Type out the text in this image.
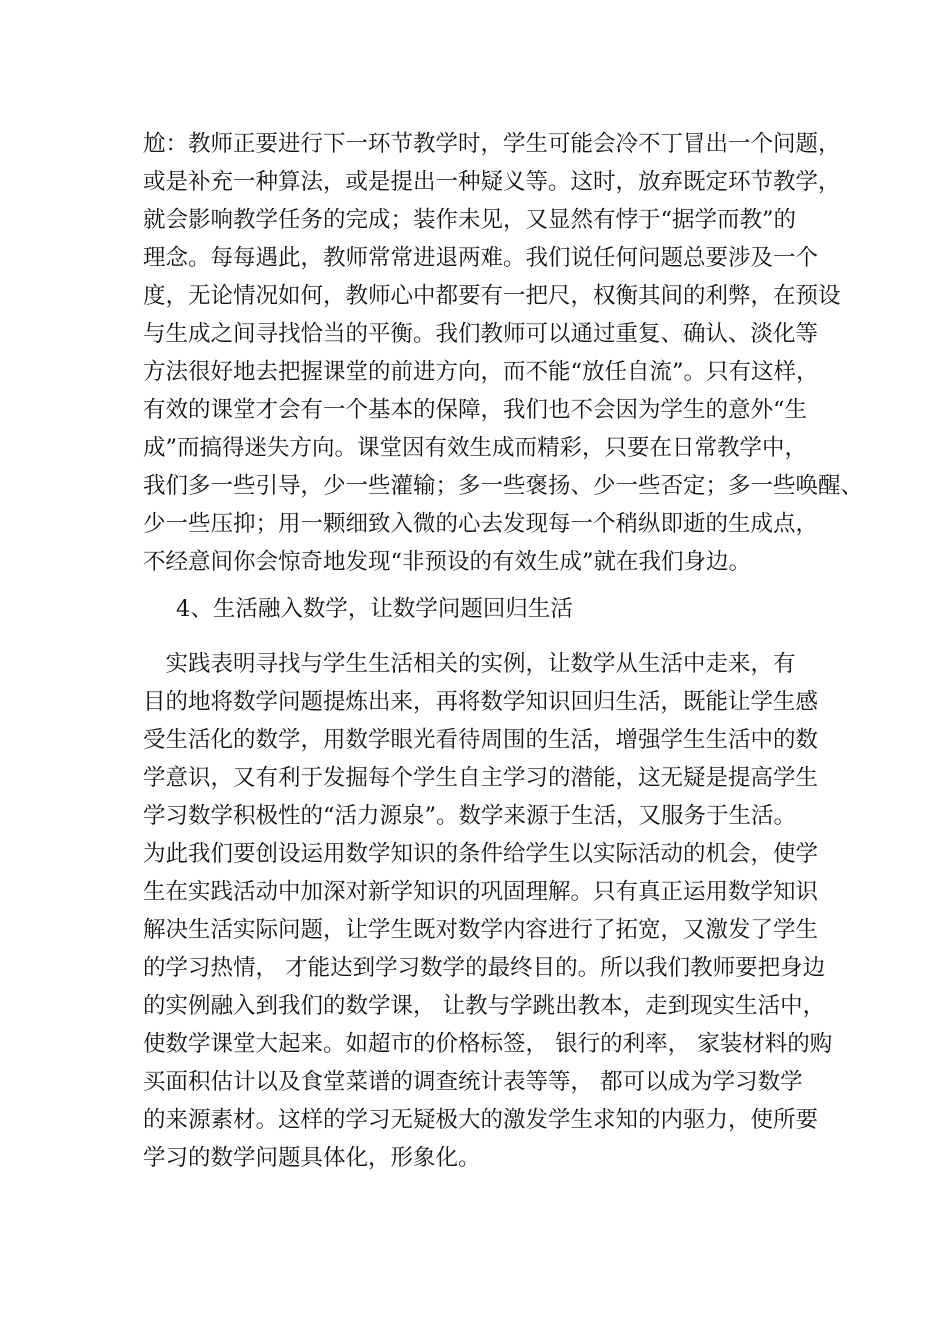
尬：教师正要进行下一环节教学时，学生可能会冷不丁冒出一个问题，
或是补充一种算法，或是提出一种疑义等。这时，放弃既定环节教学，
就会影响教学任务的完成；装作未见，又显然有悖于“据学而教”的
理念。每每遇此，教师常常进退两难。我们说任何问题总要涉及一个
度，无论情况如何，教师心中都要有一把尺，权衡其间的利弊，在预设
与生成之间寻找恰当的平衡。我们教师可以通过重复、确认、淡化等
方法很好地去把握课堂的前进方向，而不能“放任自流”。只有这样，
有效的课堂才会有一个基本的保障，我们也不会因为学生的意外“生
成”而搞得迷失方向。课堂因有效生成而精彩，只要在日常教学中，
我们多一些引导，少一些灌输；多一些褒扬、少一些否定；多一些唤醒、
少一些压抑；用一颗细致入微的心去发现每一个稍纵即逝的生成点，
不经意间你会惊奇地发现“非预设的有效生成”就在我们身边。
4、生活融入数学，让数学问题回归生活
　实践表明寻找与学生生活相关的实例，让数学从生活中走来，有
目的地将数学问题提炼出来，再将数学知识回归生活，既能让学生感
受生活化的数学，用数学眼光看待周围的生活，增强学生生活中的数
学意识，又有利于发掘每个学生自主学习的潜能，这无疑是提高学生
学习数学积极性的“活力源泉”。数学来源于生活，又服务于生活。
为此我们要创设运用数学知识的条件给学生以实际活动的机会，使学
生在实践活动中加深对新学知识的巩固理解。只有真正运用数学知识
解决生活实际问题，让学生既对数学内容进行了拓宽，又激发了学生
的学习热情， 才能达到学习数学的最终目的。所以我们教师要把身边
的实例融入到我们的数学课， 让教与学跳出教本，走到现实生活中，
使数学课堂大起来。如超市的价格标签， 银行的利率， 家装材料的购
买面积估计以及食堂菜谱的调查统计表等等， 都可以成为学习数学
的来源素材。这样的学习无疑极大的激发学生求知的内驱力，使所要
学习的数学问题具体化，形象化。
